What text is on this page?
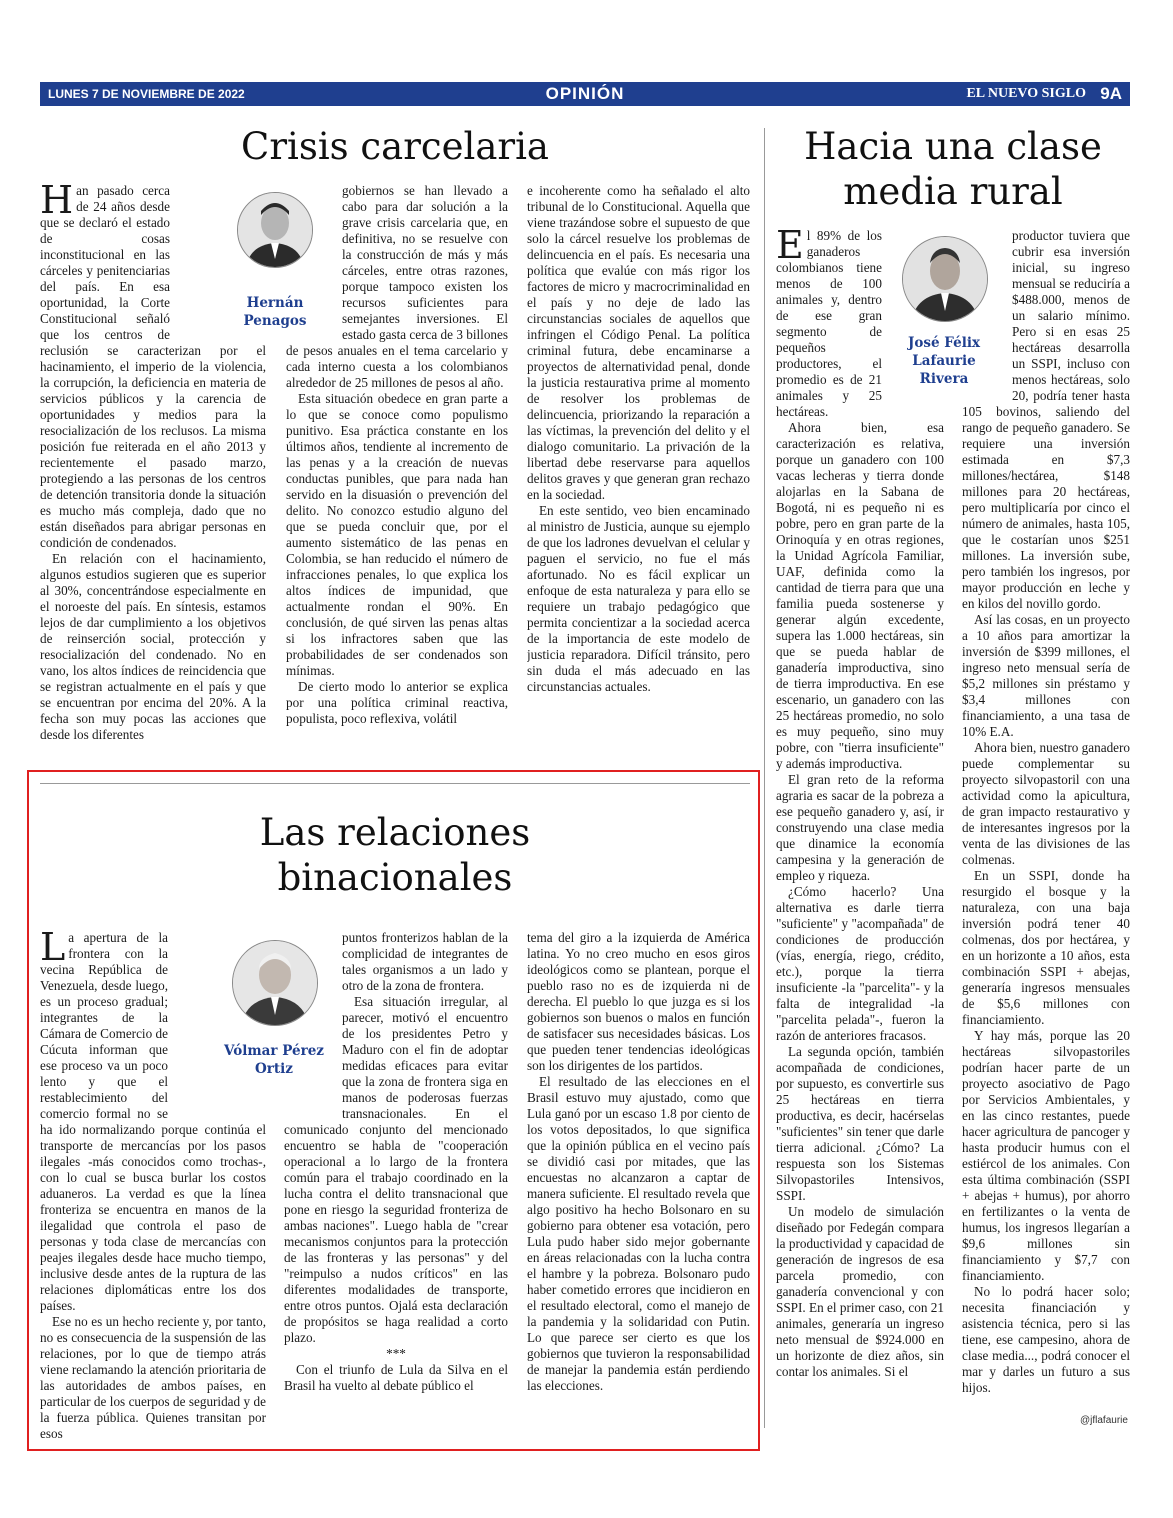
LUNES 7 DE NOVIEMBRE DE 2022	OPINIÓN	EL NUEVO SIGLO 9A
Crisis carcelaria

Han pasado cerca de 24 años desde que se declaró el estado de cosas inconstitucional en las cárceles y penitenciarias del país. En esa oportunidad, la Corte Constitucional señaló que los centros de reclusión se caracterizan por el hacinamiento, el imperio de la violencia, la corrupción, la deficiencia en materia de servicios públicos y la carencia de oportunidades y medios para la resocialización de los reclusos. La misma posición fue reiterada en el año 2013 y recientemente el pasado marzo, protegiendo a las personas de los centros de detención transitoria donde la situación es mucho más compleja, dado que no están diseñados para abrigar personas en condición de condenados.

En relación con el hacinamiento, algunos estudios sugieren que es superior al 30%, concentrándose especialmente en el noroeste del país. En síntesis, estamos lejos de dar cumplimiento a los objetivos de reinserción social, protección y resocialización del condenado. No en vano, los altos índices de reincidencia que se registran actualmente en el país y que se encuentran por encima del 20%. A la fecha son muy pocas las acciones que desde los diferentes

Hernán
Penagos

gobiernos se han llevado a cabo para dar solución a la grave crisis carcelaria que, en definitiva, no se resuelve con la construcción de más y más cárceles, entre otras razones, porque tampoco existen los recursos suficientes para semejantes inversiones. El estado gasta cerca de 3 billones de pesos anuales en el tema carcelario y cada interno cuesta a los colombianos alrededor de 25 millones de pesos al año.

Esta situación obedece en gran parte a lo que se conoce como populismo punitivo. Esa práctica constante en los últimos años, tendiente al incremento de las penas y a la creación de nuevas conductas punibles, que para nada han servido en la disuasión o prevención del delito. No conozco estudio alguno del que se pueda concluir que, por el aumento sistemático de las penas en Colombia, se han reducido el número de infracciones penales, lo que explica los altos índices de impunidad, que actualmente rondan el 90%. En conclusión, de qué sirven las penas altas si los infractores saben que las probabilidades de ser condenados son mínimas.

De cierto modo lo anterior se explica por una política criminal reactiva, populista, poco reflexiva, volátil

e incoherente como ha señalado el alto tribunal de lo Constitucional. Aquella que viene trazándose sobre el supuesto de que solo la cárcel resuelve los problemas de delincuencia en el país. Es necesaria una política que evalúe con más rigor los factores de micro y macrocriminalidad en el país y no deje de lado las circunstancias sociales de aquellos que infringen el Código Penal. La política criminal futura, debe encaminarse a proyectos de alternatividad penal, donde la justicia restaurativa prime al momento de resolver los problemas de delincuencia, priorizando la reparación a las víctimas, la prevención del delito y el dialogo comunitario. La privación de la libertad debe reservarse para aquellos delitos graves y que generan gran rechazo en la sociedad.

En este sentido, veo bien encaminado al ministro de Justicia, aunque su ejemplo de que los ladrones devuelvan el celular y paguen el servicio, no fue el más afortunado. No es fácil explicar un enfoque de esta naturaleza y para ello se requiere un trabajo pedagógico que permita concientizar a la sociedad acerca de la importancia de este modelo de justicia reparadora. Difícil tránsito, pero sin duda el más adecuado en las circunstancias actuales.

Las relaciones
binacionales

La apertura de la frontera con la vecina República de Venezuela, desde luego, es un proceso gradual; integrantes de la Cámara de Comercio de Cúcuta informan que ese proceso va un poco lento y que el restablecimiento del comercio formal no se ha ido normalizando porque continúa el transporte de mercancías por los pasos ilegales -más conocidos como trochas-, con lo cual se busca burlar los costos aduaneros. La verdad es que la línea fronteriza se encuentra en manos de la ilegalidad que controla el paso de personas y toda clase de mercancías con peajes ilegales desde hace mucho tiempo, inclusive desde antes de la ruptura de las relaciones diplomáticas entre los dos países.

Ese no es un hecho reciente y, por tanto, no es consecuencia de la suspensión de las relaciones, por lo que de tiempo atrás viene reclamando la atención prioritaria de las autoridades de ambos países, en particular de los cuerpos de seguridad y de la fuerza pública. Quienes transitan por esos

Vólmar Pérez
Ortiz

puntos fronterizos hablan de la complicidad de integrantes de tales organismos a un lado y otro de la zona de frontera.

Esa situación irregular, al parecer, motivó el encuentro de los presidentes Petro y Maduro con el fin de adoptar medidas eficaces para evitar que la zona de frontera siga en manos de poderosas fuerzas transnacionales. En el comunicado conjunto del mencionado encuentro se habla de "cooperación operacional a lo largo de la frontera común para el trabajo coordinado en la lucha contra el delito transnacional que pone en riesgo la seguridad fronteriza de ambas naciones". Luego habla de "crear mecanismos conjuntos para la protección de las fronteras y las personas" y del "reimpulso a nudos críticos" en las diferentes modalidades de transporte, entre otros puntos. Ojalá esta declaración de propósitos se haga realidad a corto plazo.

***

Con el triunfo de Lula da Silva en el Brasil ha vuelto al debate público el

tema del giro a la izquierda de América latina. Yo no creo mucho en esos giros ideológicos como se plantean, porque el pueblo raso no es de izquierda ni de derecha. El pueblo lo que juzga es si los gobiernos son buenos o malos en función de satisfacer sus necesidades básicas. Los que pueden tener tendencias ideológicas son los dirigentes de los partidos.

El resultado de las elecciones en el Brasil estuvo muy ajustado, como que Lula ganó por un escaso 1.8 por ciento de los votos depositados, lo que significa que la opinión pública en el vecino país se dividió casi por mitades, que las encuestas no alcanzaron a captar de manera suficiente. El resultado revela que algo positivo ha hecho Bolsonaro en su gobierno para obtener esa votación, pero Lula pudo haber sido mejor gobernante en áreas relacionadas con la lucha contra el hambre y la pobreza. Bolsonaro pudo haber cometido errores que incidieron en el resultado electoral, como el manejo de la pandemia y la solidaridad con Putin. Lo que parece ser cierto es que los gobiernos que tuvieron la responsabilidad de manejar la pandemia están perdiendo las elecciones.

Hacia una clase
media rural

El 89% de los ganaderos colombianos tiene menos de 100 animales y, dentro de ese gran segmento de pequeños productores, el promedio es de 21 animales y 25 hectáreas.

Ahora bien, esa caracterización es relativa, porque un ganadero con 100 vacas lecheras y tierra donde alojarlas en la Sabana de Bogotá, ni es pequeño ni es pobre, pero en gran parte de la Orinoquía y en otras regiones, la Unidad Agrícola Familiar, UAF, definida como la cantidad de tierra para que una familia pueda sostenerse y generar algún excedente, supera las 1.000 hectáreas, sin que se pueda hablar de ganadería improductiva, sino de tierra improductiva. En ese escenario, un ganadero con las 25 hectáreas promedio, no solo es muy pequeño, sino muy pobre, con "tierra insuficiente" y además improductiva.

El gran reto de la reforma agraria es sacar de la pobreza a ese pequeño ganadero y, así, ir construyendo una clase media que dinamice la economía campesina y la generación de empleo y riqueza.

¿Cómo hacerlo? Una alternativa es darle tierra "suficiente" y "acompañada" de condiciones de producción (vías, energía, riego, crédito, etc.), porque la tierra insuficiente -la "parcelita"- y la falta de integralidad -la "parcelita pelada"-, fueron la razón de anteriores fracasos.

La segunda opción, también acompañada de condiciones, por supuesto, es convertirle sus 25 hectáreas en tierra productiva, es decir, hacérselas "suficientes" sin tener que darle tierra adicional. ¿Cómo? La respuesta son los Sistemas Silvopastoriles Intensivos, SSPI.

Un modelo de simulación diseñado por Fedegán compara la productividad y capacidad de generación de ingresos de esa parcela promedio, con ganadería convencional y con SSPI. En el primer caso, con 21 animales, generaría un ingreso neto mensual de $924.000 en un horizonte de diez años, sin contar los animales. Si el

José Félix
Lafaurie
Rivera

productor tuviera que cubrir esa inversión inicial, su ingreso mensual se reduciría a $488.000, menos de un salario mínimo. Pero si en esas 25 hectáreas desarrolla un SSPI, incluso con menos hectáreas, solo 20, podría tener hasta 105 bovinos, saliendo del rango de pequeño ganadero. Se requiere una inversión estimada en $7,3 millones/hectárea, $148 millones para 20 hectáreas, pero multiplicaría por cinco el número de animales, hasta 105, que le costarían unos $251 millones. La inversión sube, pero también los ingresos, por mayor producción en leche y en kilos del novillo gordo.

Así las cosas, en un proyecto a 10 años para amortizar la inversión de $399 millones, el ingreso neto mensual sería de $5,2 millones sin préstamo y $3,4 millones con financiamiento, a una tasa de 10% E.A.

Ahora bien, nuestro ganadero puede complementar su proyecto silvopastoril con una actividad como la apicultura, de gran impacto restaurativo y de interesantes ingresos por la venta de las divisiones de las colmenas.

En un SSPI, donde ha resurgido el bosque y la naturaleza, con una baja inversión podrá tener 40 colmenas, dos por hectárea, y en un horizonte a 10 años, esta combinación SSPI + abejas, generaría ingresos mensuales de $5,6 millones con financiamiento.

Y hay más, porque las 20 hectáreas silvopastoriles podrían hacer parte de un proyecto asociativo de Pago por Servicios Ambientales, y en las cinco restantes, puede hacer agricultura de pancoger y hasta producir humus con el estiércol de los animales. Con esta última combinación (SSPI + abejas + humus), por ahorro en fertilizantes o la venta de humus, los ingresos llegarían a $9,6 millones sin financiamiento y $7,7 con financiamiento.

No lo podrá hacer solo; necesita financiación y asistencia técnica, pero si las tiene, ese campesino, ahora de clase media..., podrá conocer el mar y darles un futuro a sus hijos.

@jflafaurie
